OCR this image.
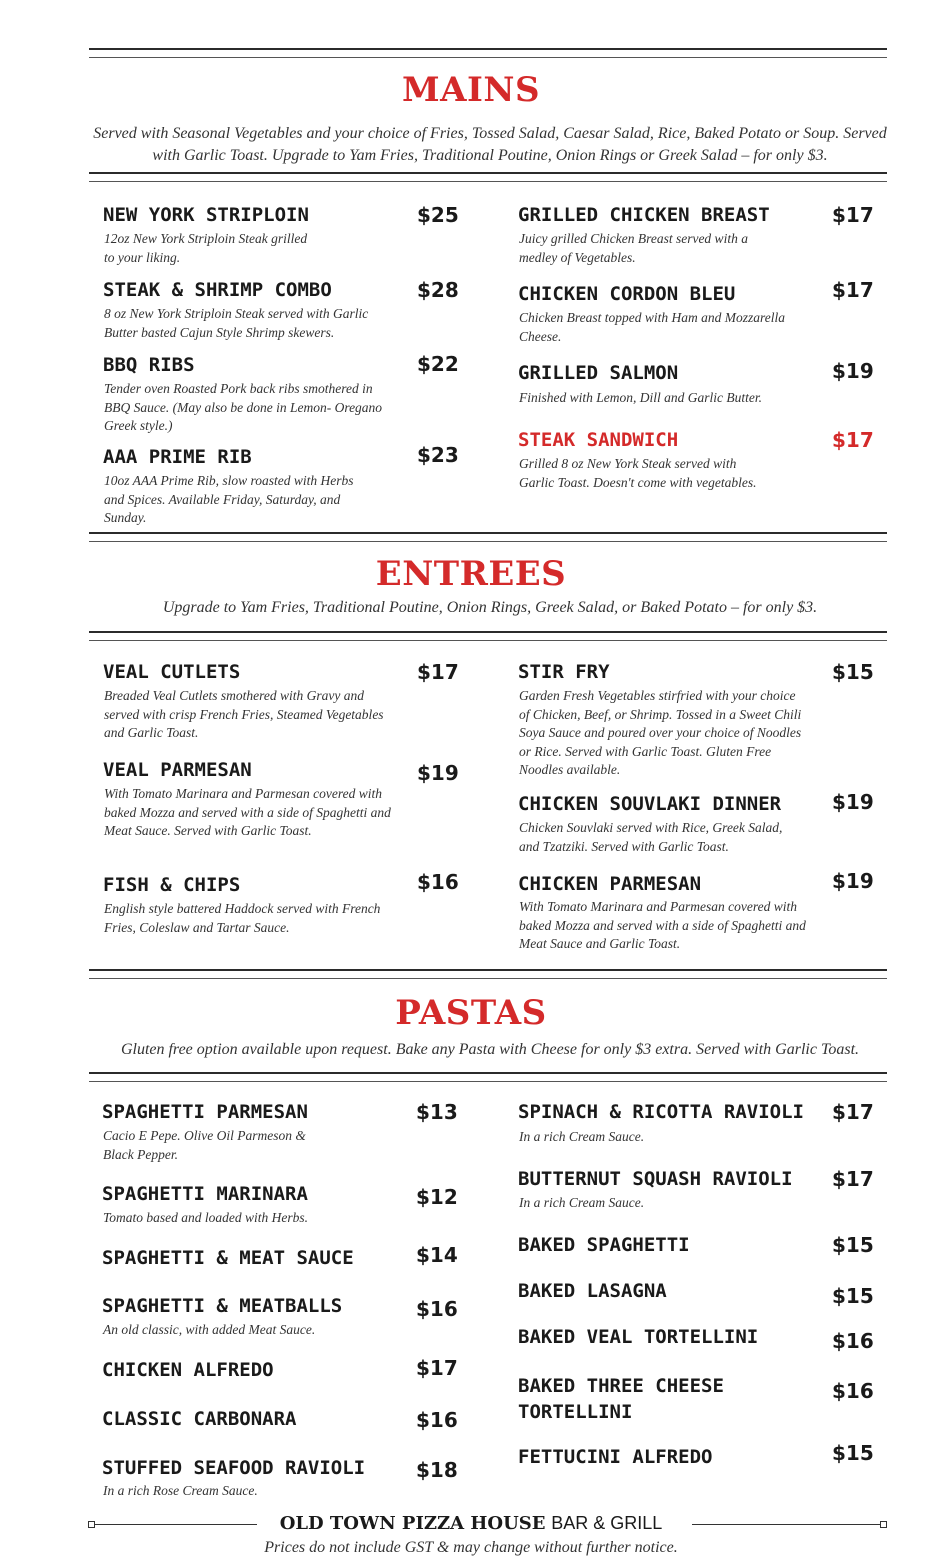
MAINS
Served with Seasonal Vegetables and your choice of Fries, Tossed Salad, Caesar Salad, Rice, Baked Potato or Soup. Served with Garlic Toast. Upgrade to Yam Fries, Traditional Poutine, Onion Rings or Greek Salad – for only $3.
NEW YORK STRIPLOIN	$25
12oz New York Striploin Steak grilled to your liking.
STEAK & SHRIMP COMBO	$28
8 oz New York Striploin Steak served with Garlic Butter basted Cajun Style Shrimp skewers.
BBQ RIBS	$22
Tender oven Roasted Pork back ribs smothered in BBQ Sauce. (May also be done in Lemon- Oregano Greek style.)
AAA PRIME RIB	$23
10oz AAA Prime Rib, slow roasted with Herbs and Spices. Available Friday, Saturday, and Sunday.
GRILLED CHICKEN BREAST	$17
Juicy grilled Chicken Breast served with a medley of Vegetables.
CHICKEN CORDON BLEU	$17
Chicken Breast topped with Ham and Mozzarella Cheese.
GRILLED SALMON	$19
Finished with Lemon, Dill and Garlic Butter.
STEAK SANDWICH	$17
Grilled 8 oz New York Steak served with Garlic Toast. Doesn't come with vegetables.
ENTREES
Upgrade to Yam Fries, Traditional Poutine, Onion Rings, Greek Salad, or Baked Potato – for only $3.
VEAL CUTLETS	$17
Breaded Veal Cutlets smothered with Gravy and served with crisp French Fries, Steamed Vegetables and Garlic Toast.
VEAL PARMESAN	$19
With Tomato Marinara and Parmesan covered with baked Mozza and served with a side of Spaghetti and Meat Sauce. Served with Garlic Toast.
FISH & CHIPS	$16
English style battered Haddock served with French Fries, Coleslaw and Tartar Sauce.
STIR FRY	$15
Garden Fresh Vegetables stirfried with your choice of Chicken, Beef, or Shrimp. Tossed in a Sweet Chili Soya Sauce and poured over your choice of Noodles or Rice. Served with Garlic Toast. Gluten Free Noodles available.
CHICKEN SOUVLAKI DINNER	$19
Chicken Souvlaki served with Rice, Greek Salad, and Tzatziki. Served with Garlic Toast.
CHICKEN PARMESAN	$19
With Tomato Marinara and Parmesan covered with baked Mozza and served with a side of Spaghetti and Meat Sauce and Garlic Toast.
PASTAS
Gluten free option available upon request. Bake any Pasta with Cheese for only $3 extra. Served with Garlic Toast.
SPAGHETTI PARMESAN	$13
Cacio E Pepe. Olive Oil Parmeson & Black Pepper.
SPAGHETTI MARINARA	$12
Tomato based and loaded with Herbs.
SPAGHETTI & MEAT SAUCE	$14
SPAGHETTI & MEATBALLS	$16
An old classic, with added Meat Sauce.
CHICKEN ALFREDO	$17
CLASSIC CARBONARA	$16
STUFFED SEAFOOD RAVIOLI	$18
In a rich Rose Cream Sauce.
SPINACH & RICOTTA RAVIOLI $17
In a rich Cream Sauce.
BUTTERNUT SQUASH RAVIOLI $17
In a rich Cream Sauce.
BAKED SPAGHETTI	$15
BAKED LASAGNA	$15
BAKED VEAL TORTELLINI	$16
BAKED THREE CHEESE TORTELLINI
$16
FETTUCINI ALFREDO	$15
OLD TOWN PIZZA HOUSE BAR & GRILL
Prices do not include GST & may change without further notice.
